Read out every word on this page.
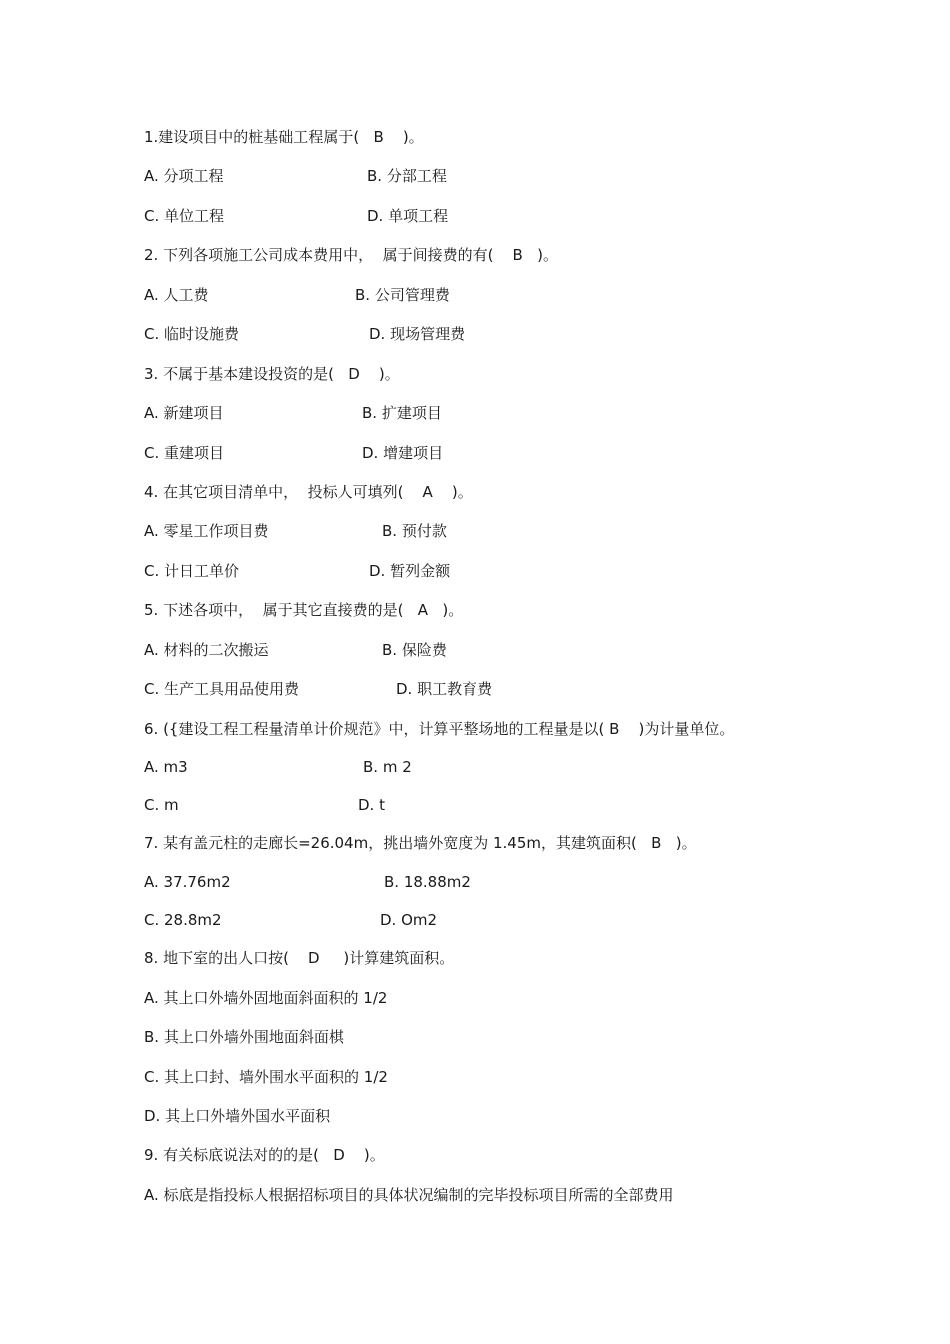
1.建设项目中的桩基础工程属于(   B    )。
A. 分项工程	B. 分部工程
C. 单位工程	D. 单项工程
2. 下列各项施工公司成本费用中，  属于间接费的有(    B   )。
A. 人工费	B. 公司管理费
C. 临时设施费	D. 现场管理费
3. 不属于基本建设投资的是(   D    )。
A. 新建项目	B. 扩建项目
C. 重建项目	D. 增建项目
4. 在其它项目清单中，  投标人可填列(    A    )。
A. 零星工作项目费	B. 预付款
C. 计日工单价	D. 暂列金额
5. 下述各项中，  属于其它直接费的是(   A   )。
A. 材料的二次搬运	B. 保险费
C. 生产工具用品使用费	D. 职工教育费
6. ({建设工程工程量清单计价规范》中，计算平整场地的工程量是以( B    )为计量单位。
A. m3	B. m 2
C. m	D. t
7. 某有盖元柱的走廊长=26.04m，挑出墙外宽度为 1.45m，其建筑面积(   B   )。
A. 37.76m2	B. 18.88m2
C. 28.8m2	D. Om2
8. 地下室的出人口按(    D     )计算建筑面积。
A. 其上口外墙外固地面斜面积的 1/2
B. 其上口外墙外围地面斜面棋
C. 其上口封、墙外围水平面积的 1/2
D. 其上口外墙外国水平面积
9. 有关标底说法对的的是(   D    )。
A. 标底是指投标人根据招标项目的具体状况编制的完毕投标项目所需的全部费用
